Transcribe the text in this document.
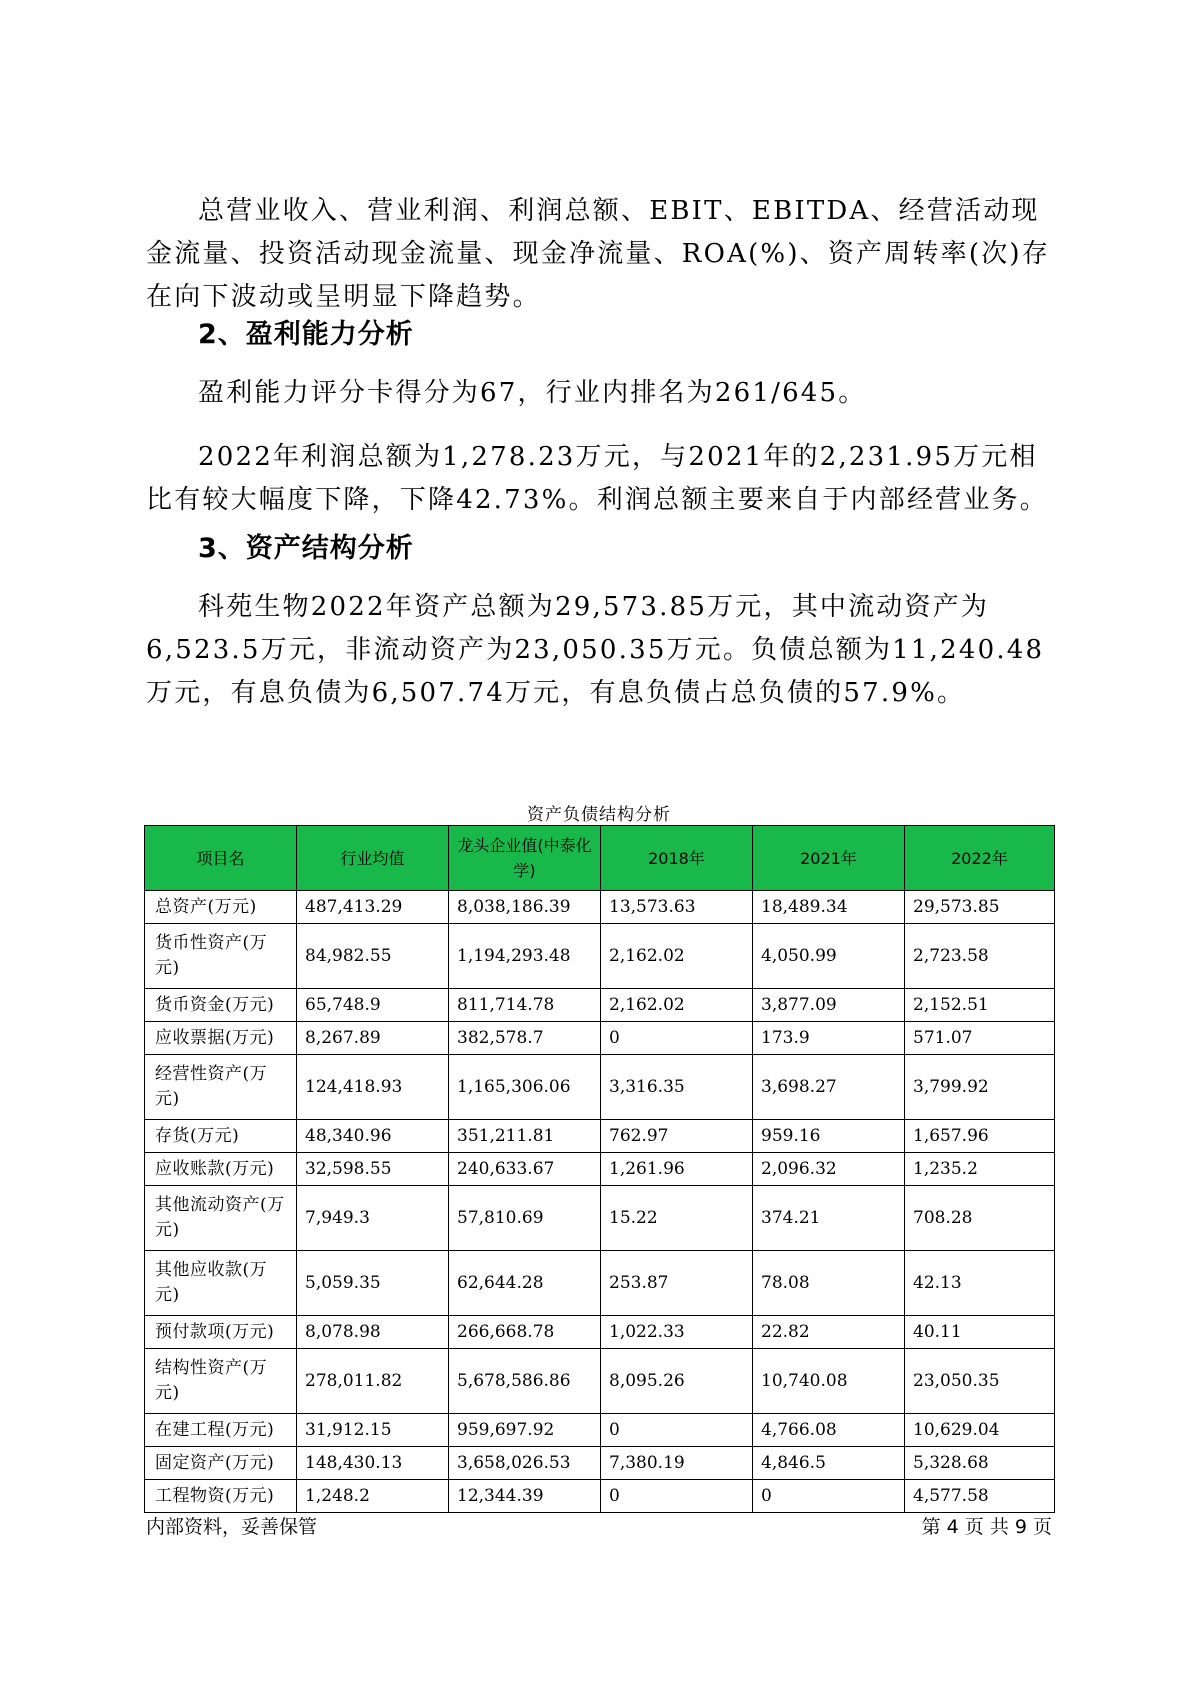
总营业收入、营业利润、利润总额、EBIT、EBITDA、经营活动现金流量、投资活动现金流量、现金净流量、ROA(%)、资产周转率(次)存在向下波动或呈明显下降趋势。

2、盈利能力分析

盈利能力评分卡得分为67，行业内排名为261/645。

2022年利润总额为1,278.23万元，与2021年的2,231.95万元相比有较大幅度下降，下降42.73%。利润总额主要来自于内部经营业务。

3、资产结构分析

科苑生物2022年资产总额为29,573.85万元，其中流动资产为6,523.5万元，非流动资产为23,050.35万元。负债总额为11,240.48万元，有息负债为6,507.74万元，有息负债占总负债的57.9%。

资产负债结构分析
项目名	行业均值	龙头企业值(中泰化学)	2018年	2021年	2022年
总资产(万元)	487,413.29	8,038,186.39	13,573.63	18,489.34	29,573.85
货币性资产(万元)	84,982.55	1,194,293.48	2,162.02	4,050.99	2,723.58
货币资金(万元)	65,748.9	811,714.78	2,162.02	3,877.09	2,152.51
应收票据(万元)	8,267.89	382,578.7	0	173.9	571.07
经营性资产(万元)	124,418.93	1,165,306.06	3,316.35	3,698.27	3,799.92
存货(万元)	48,340.96	351,211.81	762.97	959.16	1,657.96
应收账款(万元)	32,598.55	240,633.67	1,261.96	2,096.32	1,235.2
其他流动资产(万元)	7,949.3	57,810.69	15.22	374.21	708.28
其他应收款(万元)	5,059.35	62,644.28	253.87	78.08	42.13
预付款项(万元)	8,078.98	266,668.78	1,022.33	22.82	40.11
结构性资产(万元)	278,011.82	5,678,586.86	8,095.26	10,740.08	23,050.35
在建工程(万元)	31,912.15	959,697.92	0	4,766.08	10,629.04
固定资产(万元)	148,430.13	3,658,026.53	7,380.19	4,846.5	5,328.68
工程物资(万元)	1,248.2	12,344.39	0	0	4,577.58
内部资料，妥善保管	第 4 页 共 9 页
